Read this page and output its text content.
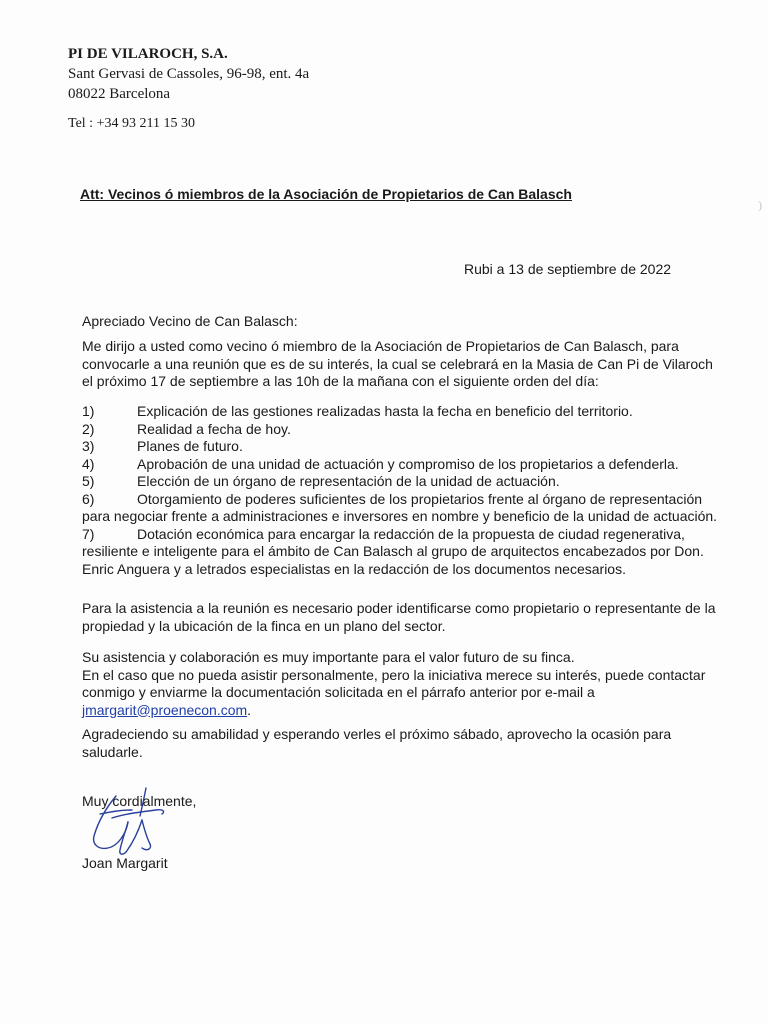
PI DE VILAROCH, S.A.
Sant Gervasi de Cassoles, 96-98, ent. 4a
08022 Barcelona
Tel : +34 93 211 15 30
Att: Vecinos ó miembros de la Asociación de Propietarios de Can Balasch
)
Rubi a 13 de septiembre de 2022
Apreciado Vecino de Can Balasch:
Me dirijo a usted como vecino ó miembro de la Asociación de Propietarios de Can Balasch, para convocarle a una reunión que es de su interés, la cual se celebrará en la Masia de Can Pi de Vilaroch el próximo 17 de septiembre a las 10h de la mañana con el siguiente orden del día:
1)	Explicación de las gestiones realizadas hasta la fecha en beneficio del territorio.
2)	Realidad a fecha de hoy.
3)	Planes de futuro.
4)	Aprobación de una unidad de actuación y compromiso de los propietarios a defenderla.
5)	Elección de un órgano de representación de la unidad de actuación.
6)	Otorgamiento de poderes suficientes de los propietarios frente al órgano de representación para negociar frente a administraciones e inversores en nombre y beneficio de la unidad de actuación.
7)	Dotación económica para encargar la redacción de la propuesta de ciudad regenerativa, resiliente e inteligente para el ámbito de Can Balasch al grupo de arquitectos encabezados por Don. Enric Anguera y a letrados especialistas en la redacción de los documentos necesarios.
Para la asistencia a la reunión es necesario poder identificarse como propietario o representante de la propiedad y la ubicación de la finca en un plano del sector.
Su asistencia y colaboración es muy importante para el valor futuro de su finca.
En el caso que no pueda asistir personalmente, pero la iniciativa merece su interés, puede contactar conmigo y enviarme la documentación solicitada en el párrafo anterior por e-mail a jmargarit@proenecon.com.
Agradeciendo su amabilidad y esperando verles el próximo sábado, aprovecho la ocasión para saludarle.
Muy cordialmente,
Joan Margarit
